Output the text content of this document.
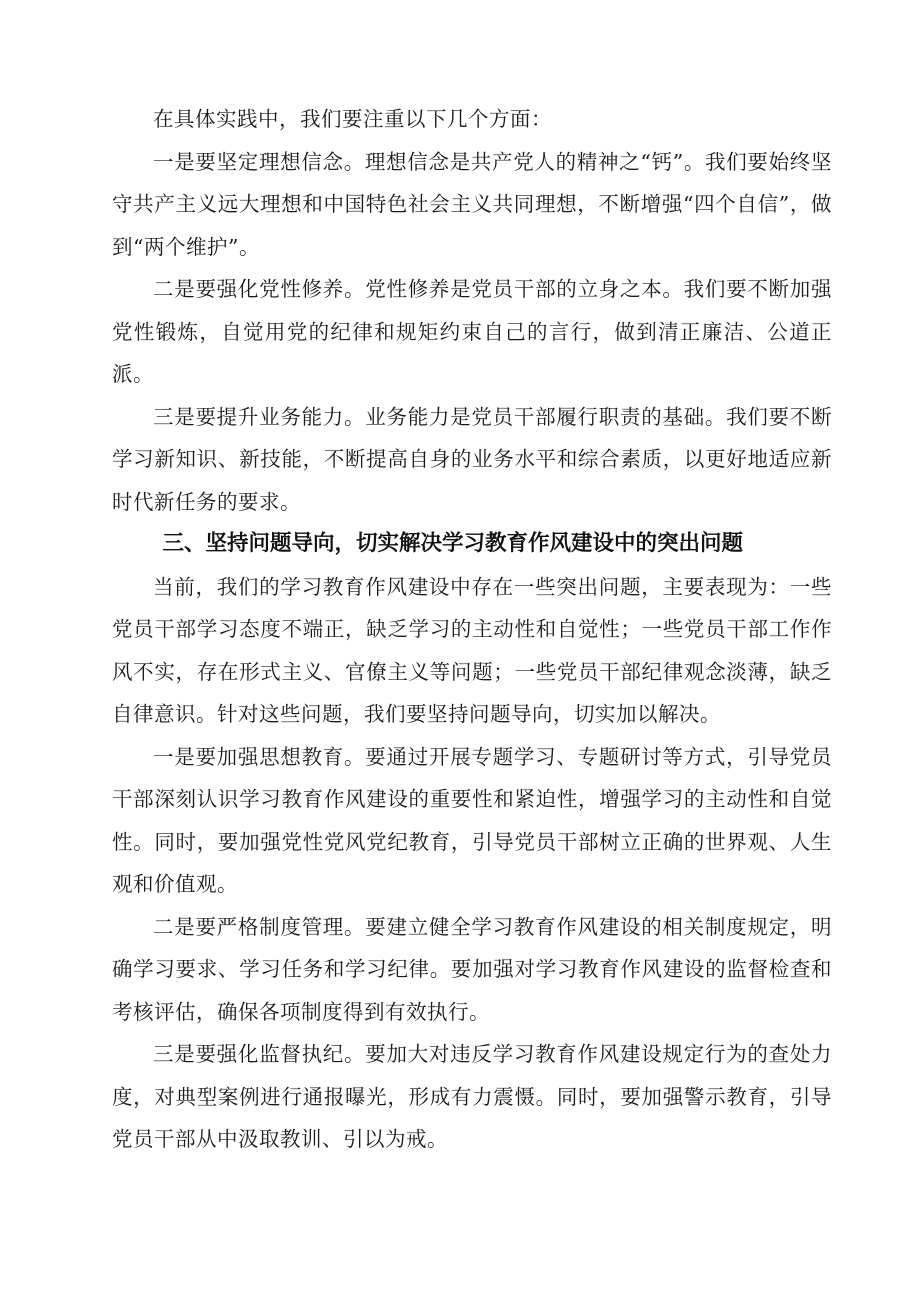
在具体实践中，我们要注重以下几个方面：

一是要坚定理想信念。理想信念是共产党人的精神之“钙”。我们要始终坚守共产主义远大理想和中国特色社会主义共同理想，不断增强“四个自信”，做到“两个维护”。

二是要强化党性修养。党性修养是党员干部的立身之本。我们要不断加强党性锻炼，自觉用党的纪律和规矩约束自己的言行，做到清正廉洁、公道正派。

三是要提升业务能力。业务能力是党员干部履行职责的基础。我们要不断学习新知识、新技能，不断提高自身的业务水平和综合素质，以更好地适应新时代新任务的要求。

三、坚持问题导向，切实解决学习教育作风建设中的突出问题

当前，我们的学习教育作风建设中存在一些突出问题，主要表现为：一些党员干部学习态度不端正，缺乏学习的主动性和自觉性；一些党员干部工作作风不实，存在形式主义、官僚主义等问题；一些党员干部纪律观念淡薄，缺乏自律意识。针对这些问题，我们要坚持问题导向，切实加以解决。

一是要加强思想教育。要通过开展专题学习、专题研讨等方式，引导党员干部深刻认识学习教育作风建设的重要性和紧迫性，增强学习的主动性和自觉性。同时，要加强党性党风党纪教育，引导党员干部树立正确的世界观、人生观和价值观。

二是要严格制度管理。要建立健全学习教育作风建设的相关制度规定，明确学习要求、学习任务和学习纪律。要加强对学习教育作风建设的监督检查和考核评估，确保各项制度得到有效执行。

三是要强化监督执纪。要加大对违反学习教育作风建设规定行为的查处力度，对典型案例进行通报曝光，形成有力震慑。同时，要加强警示教育，引导党员干部从中汲取教训、引以为戒。
